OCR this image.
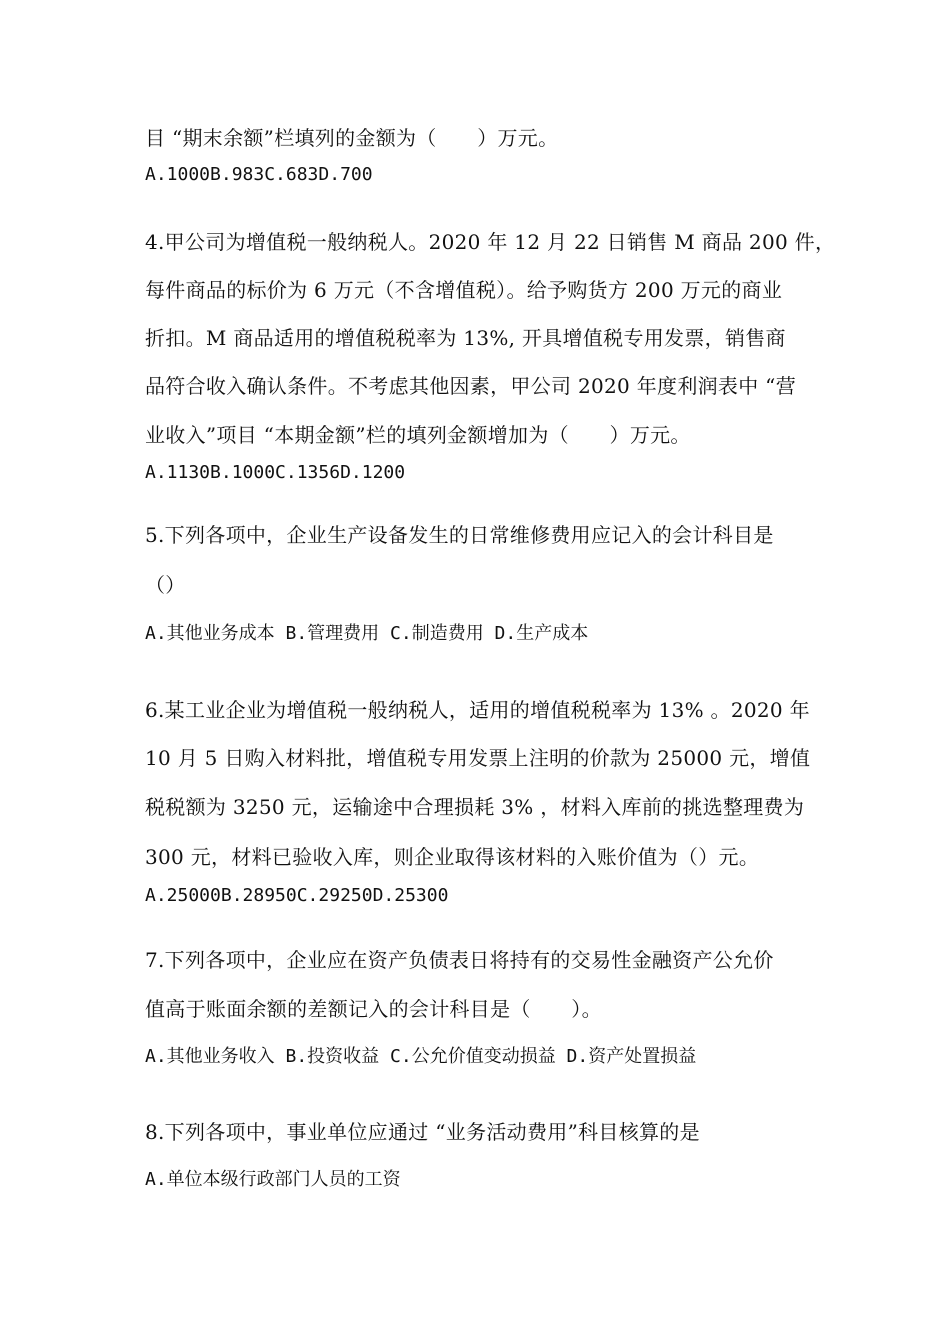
目 “期末余额”栏填列的金额为（　　）万元。
A.1000B.983C.683D.700
4.甲公司为增值税一般纳税人。2020 年 12 月 22 日销售 M 商品 200 件，
每件商品的标价为 6 万元（不含增值税）。给予购货方 200 万元的商业
折扣。M 商品适用的增值税税率为 13%, 开具增值税专用发票，销售商
品符合收入确认条件。不考虑其他因素，甲公司 2020 年度利润表中 “营
业收入”项目 “本期金额”栏的填列金额增加为（　　）万元。
A.1130B.1000C.1356D.1200
5.下列各项中，企业生产设备发生的日常维修费用应记入的会计科目是
（）
A.其他业务成本 B.管理费用 C.制造费用 D.生产成本
6.某工业企业为增值税一般纳税人，适用的增值税税率为 13% 。2020 年
10 月 5 日购入材料批，增值税专用发票上注明的价款为 25000 元，增值
税税额为 3250 元，运输途中合理损耗 3% ，材料入库前的挑选整理费为
300 元，材料已验收入库，则企业取得该材料的入账价值为（）元。
A.25000B.28950C.29250D.25300
7.下列各项中，企业应在资产负债表日将持有的交易性金融资产公允价
值高于账面余额的差额记入的会计科目是（　　）。
A.其他业务收入 B.投资收益 C.公允价值变动损益 D.资产处置损益
8.下列各项中，事业单位应通过 “业务活动费用”科目核算的是
A.单位本级行政部门人员的工资
